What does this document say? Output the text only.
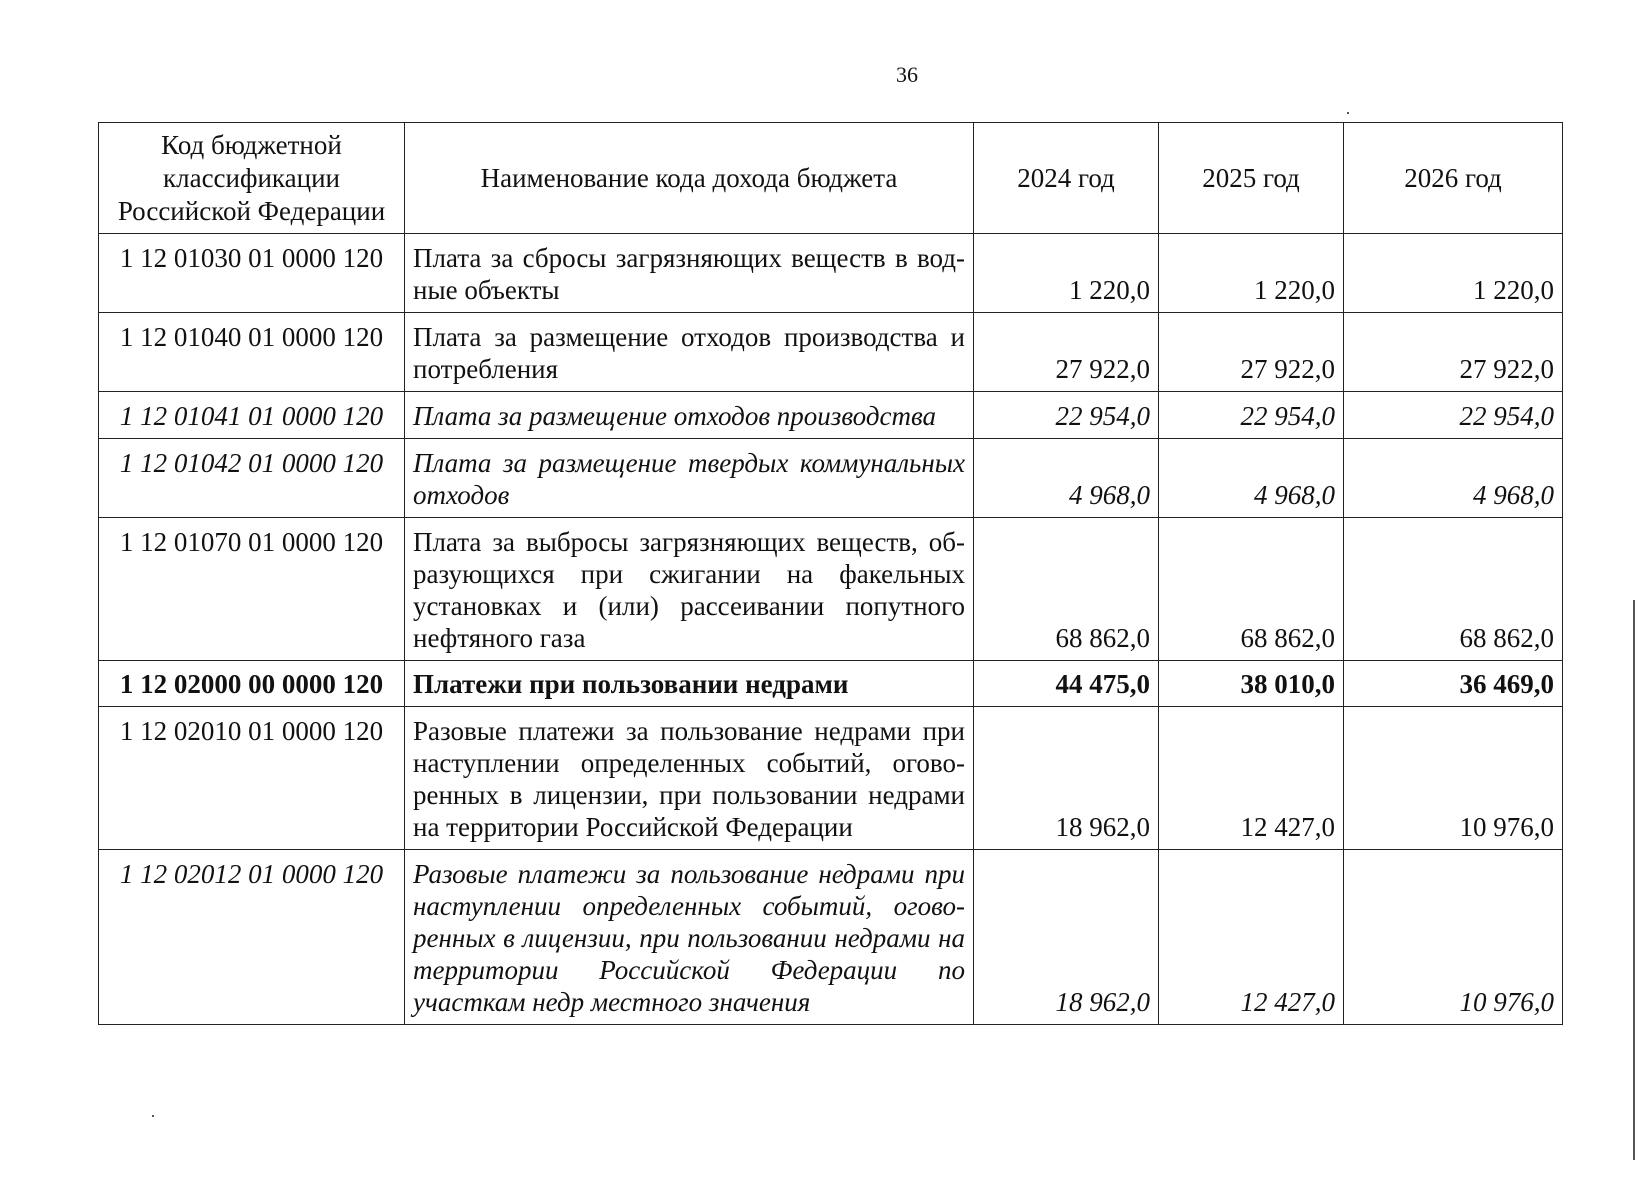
36
Код бюджетной классификации Российской Федерации	Наименование кода дохода бюджета	2024 год	2025 год	2026 год
1 12 01030 01 0000 120	Плата за сбросы загрязняющих веществ в водные объекты	1 220,0	1 220,0	1 220,0
1 12 01040 01 0000 120	Плата за размещение отходов производства и потребления	27 922,0	27 922,0	27 922,0
1 12 01041 01 0000 120	Плата за размещение отходов производства	22 954,0	22 954,0	22 954,0
1 12 01042 01 0000 120	Плата за размещение твердых коммунальных отходов	4 968,0	4 968,0	4 968,0
1 12 01070 01 0000 120	Плата за выбросы загрязняющих веществ, образующихся при сжигании на факельных установках и (или) рассеивании попутного нефтяного газа	68 862,0	68 862,0	68 862,0
1 12 02000 00 0000 120	Платежи при пользовании недрами	44 475,0	38 010,0	36 469,0
1 12 02010 01 0000 120	Разовые платежи за пользование недрами при наступлении определенных событий, оговоренных в лицензии, при пользовании недрами на территории Российской Федерации	18 962,0	12 427,0	10 976,0
1 12 02012 01 0000 120	Разовые платежи за пользование недрами при наступлении определенных событий, оговоренных в лицензии, при пользовании недрами на территории Российской Федерации по участкам недр местного значения	18 962,0	12 427,0	10 976,0
